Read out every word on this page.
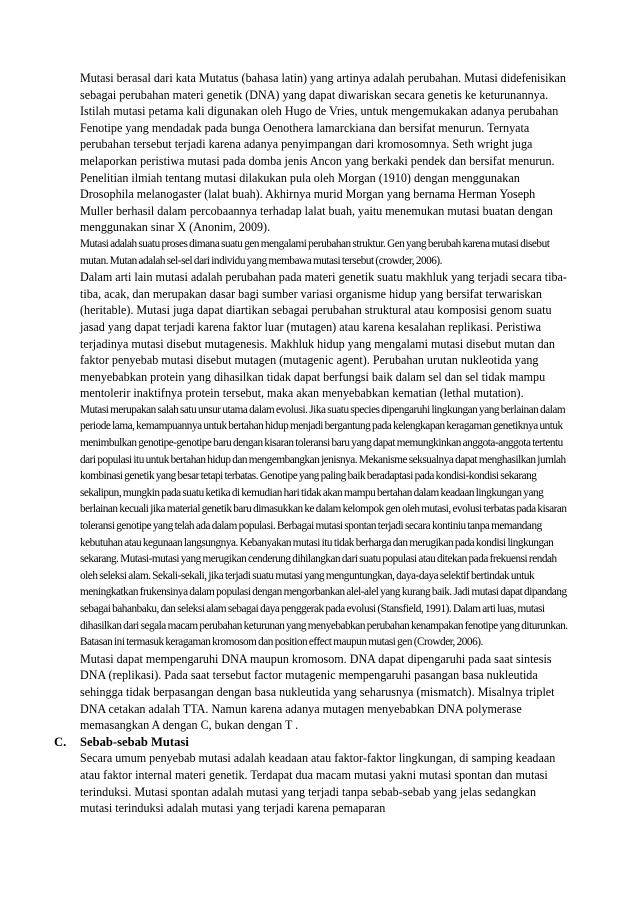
Mutasi berasal dari kata Mutatus (bahasa latin) yang artinya adalah perubahan. Mutasi didefenisikan sebagai perubahan materi genetik (DNA) yang dapat diwariskan secara genetis ke keturunannya.

Istilah mutasi petama kali digunakan oleh Hugo de Vries, untuk mengemukakan adanya perubahan Fenotipe yang mendadak pada bunga Oenothera lamarckiana dan bersifat menurun. Ternyata perubahan tersebut terjadi karena adanya penyimpangan dari kromosomnya. Seth wright juga melaporkan peristiwa mutasi pada domba jenis Ancon yang berkaki pendek dan bersifat menurun. Penelitian ilmiah tentang mutasi dilakukan pula oleh Morgan (1910) dengan menggunakan Drosophila melanogaster (lalat buah). Akhirnya murid Morgan yang bernama Herman Yoseph Muller berhasil dalam percobaannya terhadap lalat buah, yaitu menemukan mutasi buatan dengan menggunakan sinar X (Anonim, 2009).

Mutasi adalah suatu proses dimana suatu gen mengalami perubahan struktur. Gen yang berubah karena mutasi disebut mutan. Mutan adalah sel-sel dari individu yang membawa mutasi tersebut (crowder, 2006).

Dalam arti lain mutasi adalah perubahan pada materi genetik suatu makhluk yang terjadi secara tiba-tiba, acak, dan merupakan dasar bagi sumber variasi organisme hidup yang bersifat terwariskan (heritable). Mutasi juga dapat diartikan sebagai perubahan struktural atau komposisi genom suatu jasad yang dapat terjadi karena faktor luar (mutagen) atau karena kesalahan replikasi. Peristiwa terjadinya mutasi disebut mutagenesis. Makhluk hidup yang mengalami mutasi disebut mutan dan faktor penyebab mutasi disebut mutagen (mutagenic agent). Perubahan urutan nukleotida yang menyebabkan protein yang dihasilkan tidak dapat berfungsi baik dalam sel dan sel tidak mampu mentolerir inaktifnya protein tersebut, maka akan menyebabkan kematian (lethal mutation).

Mutasi merupakan salah satu unsur utama dalam evolusi. Jika suatu species dipengaruhi lingkungan yang berlainan dalam periode lama, kemampuannya untuk bertahan hidup menjadi bergantung pada kelengkapan keragaman genetiknya untuk menimbulkan genotipe-genotipe baru dengan kisaran toleransi baru yang dapat memungkinkan anggota-anggota tertentu dari populasi itu untuk bertahan hidup dan mengembangkan jenisnya. Mekanisme seksualnya dapat menghasilkan jumlah kombinasi genetik yang besar tetapi terbatas. Genotipe yang paling baik beradaptasi pada kondisi-kondisi sekarang sekalipun, mungkin pada suatu ketika di kemudian hari tidak akan mampu bertahan dalam keadaan lingkungan yang berlainan kecuali jika material genetik baru dimasukkan ke dalam kelompok gen oleh mutasi, evolusi terbatas pada kisaran toleransi genotipe yang telah ada dalam populasi. Berbagai mutasi spontan terjadi secara kontiniu tanpa memandang kebutuhan atau kegunaan langsungnya. Kebanyakan mutasi itu tidak berharga dan merugikan pada kondisi lingkungan sekarang. Mutasi-mutasi yang merugikan cenderung dihilangkan dari suatu populasi atau ditekan pada frekuensi rendah oleh seleksi alam. Sekali-sekali, jika terjadi suatu mutasi yang menguntungkan, daya-daya selektif bertindak untuk meningkatkan frukensinya dalam populasi dengan mengorbankan alel-alel yang kurang baik. Jadi mutasi dapat dipandang sebagai bahanbaku, dan seleksi alam sebagai daya penggerak pada evolusi (Stansfield, 1991). Dalam arti luas, mutasi dihasilkan dari segala macam perubahan keturunan yang menyebabkan perubahan kenampakan fenotipe yang diturunkan. Batasan ini termasuk keragaman kromosom dan position effect maupun mutasi gen (Crowder, 2006).

Mutasi dapat mempengaruhi DNA maupun kromosom. DNA dapat dipengaruhi pada saat sintesis DNA (replikasi). Pada saat tersebut factor mutagenic mempengaruhi pasangan basa nukleutida sehingga tidak berpasangan dengan basa nukleutida yang seharusnya (mismatch). Misalnya triplet DNA cetakan adalah TTA. Namun karena adanya mutagen menyebabkan DNA polymerase memasangkan A dengan C, bukan dengan T .

C. Sebab-sebab Mutasi

Secara umum penyebab mutasi adalah keadaan atau faktor-faktor lingkungan, di samping keadaan atau faktor internal materi genetik. Terdapat dua macam mutasi yakni mutasi spontan dan mutasi terinduksi. Mutasi spontan adalah mutasi yang terjadi tanpa sebab-sebab yang jelas sedangkan mutasi terinduksi adalah mutasi yang terjadi karena pemaparan
